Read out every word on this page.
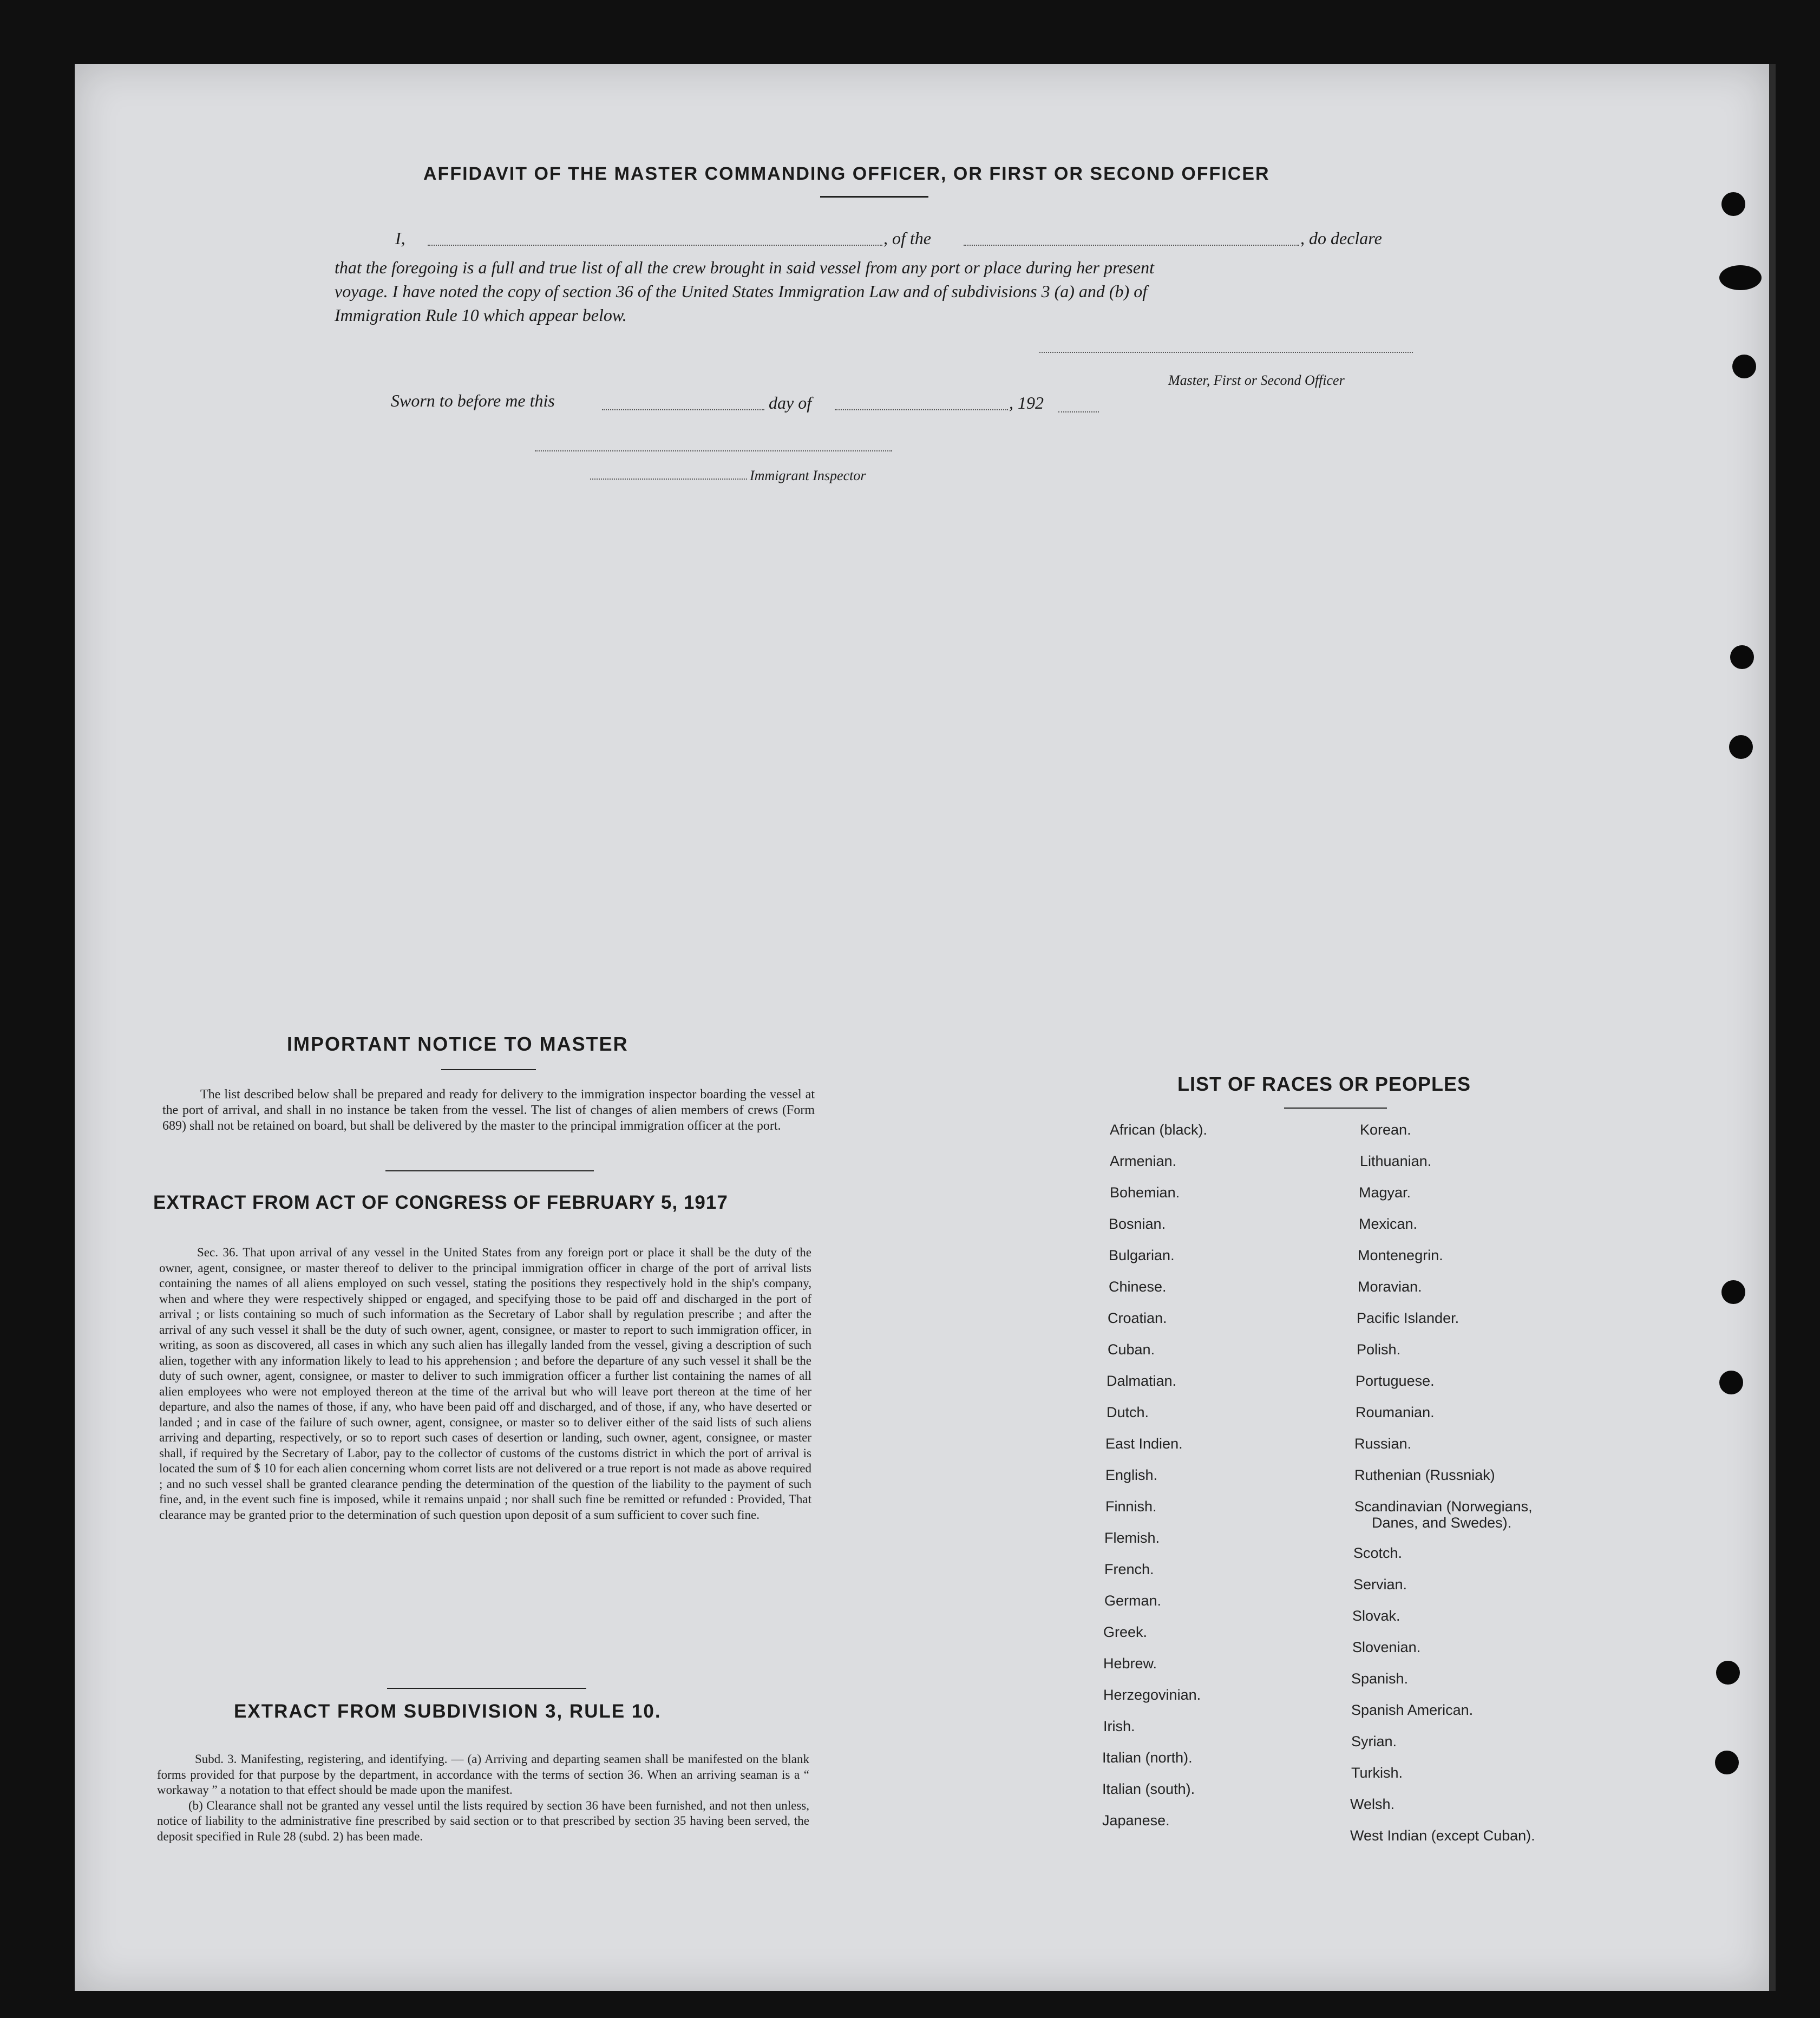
AFFIDAVIT OF THE MASTER COMMANDING OFFICER, OR FIRST OR SECOND OFFICER
I,	, of the	, do declare
that the foregoing is a full and true list of all the crew brought in said vessel from any port or place during her present
voyage. I have noted the copy of section 36 of the United States Immigration Law and of subdivisions 3 (a) and (b) of
Immigration Rule 10 which appear below.
Master, First or Second Officer
Sworn to before me this	day of	, 192
Immigrant Inspector
IMPORTANT NOTICE TO MASTER

The list described below shall be prepared and ready for delivery to the immigration inspector boarding the vessel at the port of arrival, and shall in no instance be taken from the vessel. The list of changes of alien members of crews (Form 689) shall not be retained on board, but shall be delivered by the master to the principal immigration officer at the port.

EXTRACT FROM ACT OF CONGRESS OF FEBRUARY 5, 1917

Sec. 36. That upon arrival of any vessel in the United States from any foreign port or place it shall be the duty of the owner, agent, consignee, or master thereof to deliver to the principal immigration officer in charge of the port of arrival lists containing the names of all aliens employed on such vessel, stating the positions they respectively hold in the ship's company, when and where they were respectively shipped or engaged, and specifying those to be paid off and discharged in the port of arrival ; or lists containing so much of such information as the Secretary of Labor shall by regulation prescribe ; and after the arrival of any such vessel it shall be the duty of such owner, agent, consignee, or master to report to such immigration officer, in writing, as soon as discovered, all cases in which any such alien has illegally landed from the vessel, giving a description of such alien, together with any information likely to lead to his apprehension ; and before the departure of any such vessel it shall be the duty of such owner, agent, consignee, or master to deliver to such immigration officer a further list containing the names of all alien employees who were not employed thereon at the time of the arrival but who will leave port thereon at the time of her departure, and also the names of those, if any, who have been paid off and discharged, and of those, if any, who have deserted or landed ; and in case of the failure of such owner, agent, consignee, or master so to deliver either of the said lists of such aliens arriving and departing, respectively, or so to report such cases of desertion or landing, such owner, agent, consignee, or master shall, if required by the Secretary of Labor, pay to the collector of customs of the customs district in which the port of arrival is located the sum of $ 10 for each alien concerning whom corret lists are not delivered or a true report is not made as above required ; and no such vessel shall be granted clearance pending the determination of the question of the liability to the payment of such fine, and, in the event such fine is imposed, while it remains unpaid ; nor shall such fine be remitted or refunded : Provided, That clearance may be granted prior to the determination of such question upon deposit of a sum sufficient to cover such fine.

EXTRACT FROM SUBDIVISION 3, RULE 10.

Subd. 3. Manifesting, registering, and identifying. — (a) Arriving and departing seamen shall be manifested on the blank forms provided for that purpose by the department, in accordance with the terms of section 36. When an arriving seaman is a “ workaway ” a notation to that effect should be made upon the manifest.

(b) Clearance shall not be granted any vessel until the lists required by section 36 have been furnished, and not then unless, notice of liability to the administrative fine prescribed by said section or to that prescribed by section 35 having been served, the deposit specified in Rule 28 (subd. 2) has been made.

LIST OF RACES OR PEOPLES
African (black).
Armenian.
Bohemian.
Bosnian.
Bulgarian.
Chinese.
Croatian.
Cuban.
Dalmatian.
Dutch.
East Indien.
English.
Finnish.
Flemish.
French.
German.
Greek.
Hebrew.
Herzegovinian.
Irish.
Italian (north).
Italian (south).
Japanese.
Korean.
Lithuanian.
Magyar.
Mexican.
Montenegrin.
Moravian.
Pacific Islander.
Polish.
Portuguese.
Roumanian.
Russian.
Ruthenian (Russniak)
Scandinavian (Norwegians,
Danes, and Swedes).
Scotch.
Servian.
Slovak.
Slovenian.
Spanish.
Spanish American.
Syrian.
Turkish.
Welsh.
West Indian (except Cuban).
